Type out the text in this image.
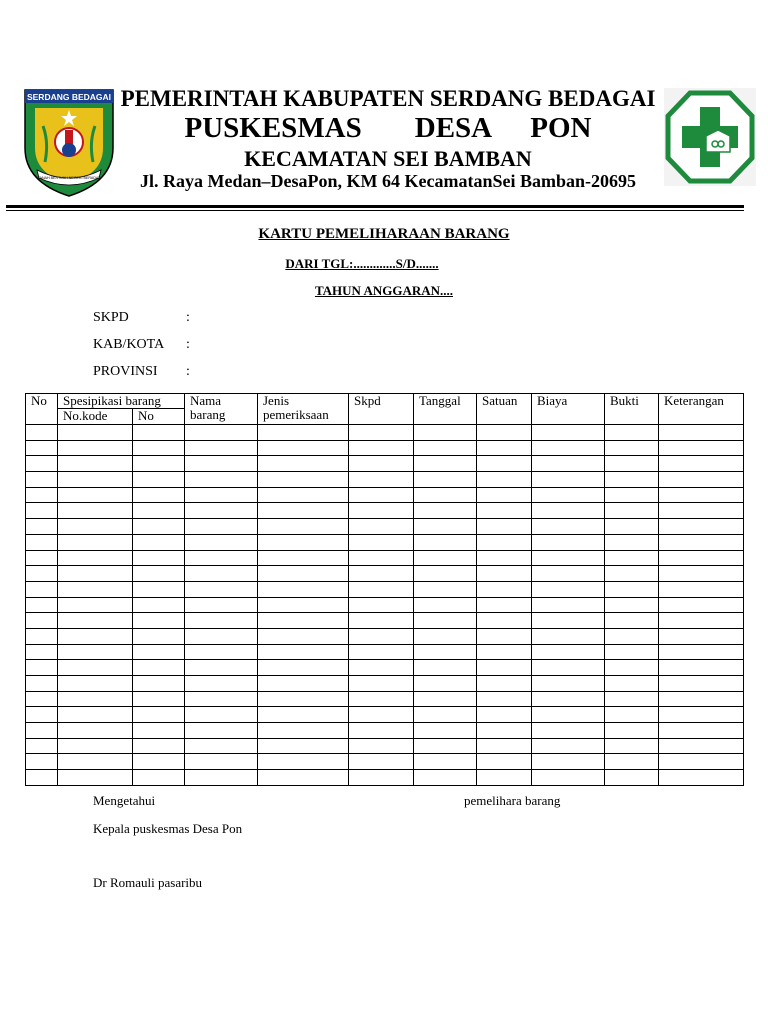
SERDANG BEDAGAI
TANAH BERTUAH NEGERI BERADAT
PEMERINTAH KABUPATEN SERDANG BEDAGAI
PUSKESMAS    DESA   PON
KECAMATAN SEI BAMBAN
Jl. Raya Medan–DesaPon, KM 64 KecamatanSei Bamban-20695
KARTU PEMELIHARAAN BARANG
DARI TGL:.............S/D.......
TAHUN ANGGARAN....
SKPD	:
KAB/KOTA :
PROVINSI :
No	Spesipikasi barang		Nama barang	Jenis pemeriksaan	Skpd	Tanggal	Satuan	Biaya	Bukti	Keterangan
	No.kode	No								

Mengetahui	pemelihara barang
Kepala puskesmas Desa Pon
Dr Romauli pasaribu
